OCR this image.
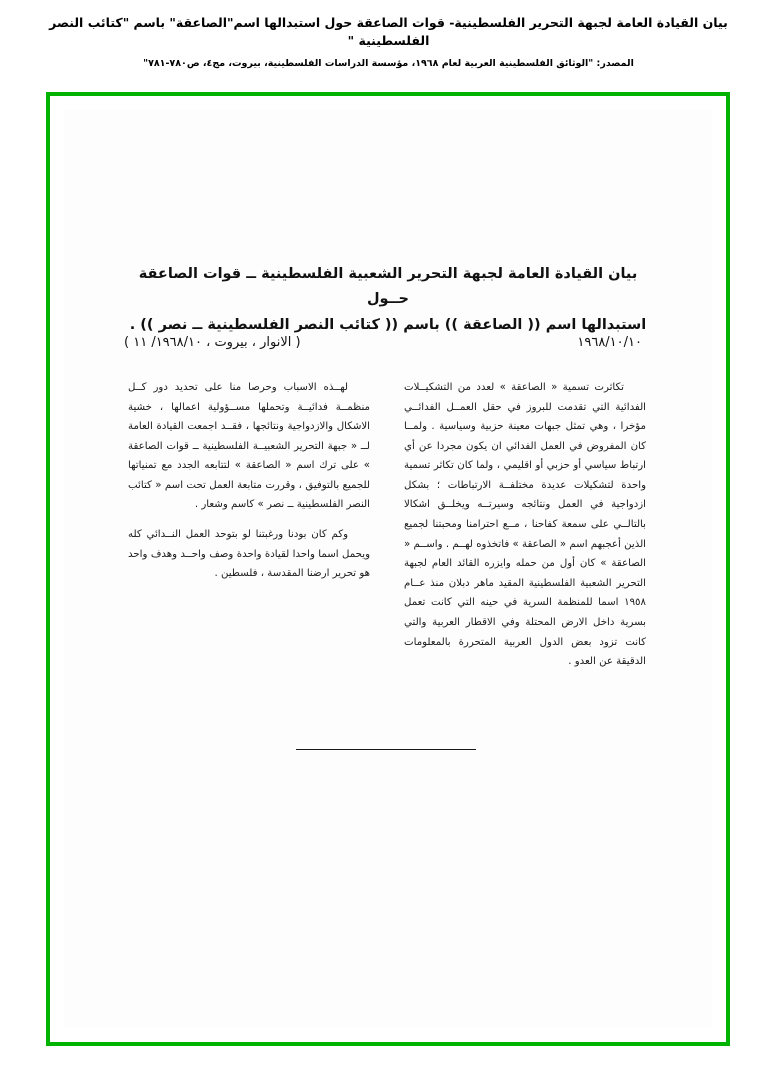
بيان القيادة العامة لجبهة التحرير الفلسطينية- قوات الصاعقة حول استبدالها اسم"الصاعقة" باسم "كتائب النصر الفلسطينية "
المصدر: "الوثائق الفلسطينية العربية لعام ١٩٦٨، مؤسسة الدراسات الفلسطينية، بيروت، مج٤، ص٧٨٠-٧٨١"
بيان القيادة العامة لجبهة التحرير الشعبية الفلسطينية ــ قوات الصاعقة حــول
استبدالها اسم (( الصاعقة )) باسم (( كتائب النصر الفلسطينية ــ نصر )) .
١٩٦٨/١٠/١٠
( الانوار ، بيروت ، ١٩٦٨/١٠/ ١١ )

تكاثرت تسمية « الصاعقة » لعدد من التشكيــلات الفدائية التي تقدمت للبروز في حقل العمــل الفدائــي مؤخرا ، وهي تمثل جبهات معينة حزبية وسياسية . ولمــا كان المفروض في العمل الفدائي ان يكون مجردا عن أي ارتباط سياسي أو حزبي أو اقليمي ، ولما كان تكاثر تسمية واحدة لتشكيلات عديدة مختلفــة الارتباطات ؛ بشكل ازدواجية في العمل ونتائجه وسيرتــه ويخلــق اشكالا بالتالــي على سمعة كفاحنا ، مــع احترامنا ومحبتنا لجميع الذين أعجبهم اسم « الصاعقة » فاتخذوه لهــم . واســم « الصاعقة » كان أول من حمله وايزره القائد العام لجبهة التحرير الشعبية الفلسطينية المقيد ماهر دبلان منذ عــام ١٩٥٨ اسما للمنظمة السرية في حينه التي كانت تعمل بسرية داخل الارض المحتلة وفي الاقطار العربية والتي كانت تزود بعض الدول العربية المتحررة بالمعلومات الدقيقة عن العدو .

لهــذه الاسباب وحرصا منا على تحديد دور كــل منظمــة فدائيــة وتحملها مســؤولية اعمالها ، خشية الاشكال والازدواجية ونتائجها ، فقــد اجمعت القيادة العامة لــ « جبهة التحرير الشعبيــة الفلسطينية ــ قوات الصاعقة » على ترك اسم « الصاعقة » لتتابعه الجدد مع تمنياتها للجميع بالتوفيق ، وقررت متابعة العمل تحت اسم « كتائب النصر الفلسطينية ــ نصر » كاسم وشعار .

وكم كان بودنا ورغبتنا لو بتوحد العمل النــدائي كله ويحمل اسما واحدا لقيادة واحدة وصف واحــد وهدف واحد هو تحرير ارضنا المقدسة ، فلسطين .
